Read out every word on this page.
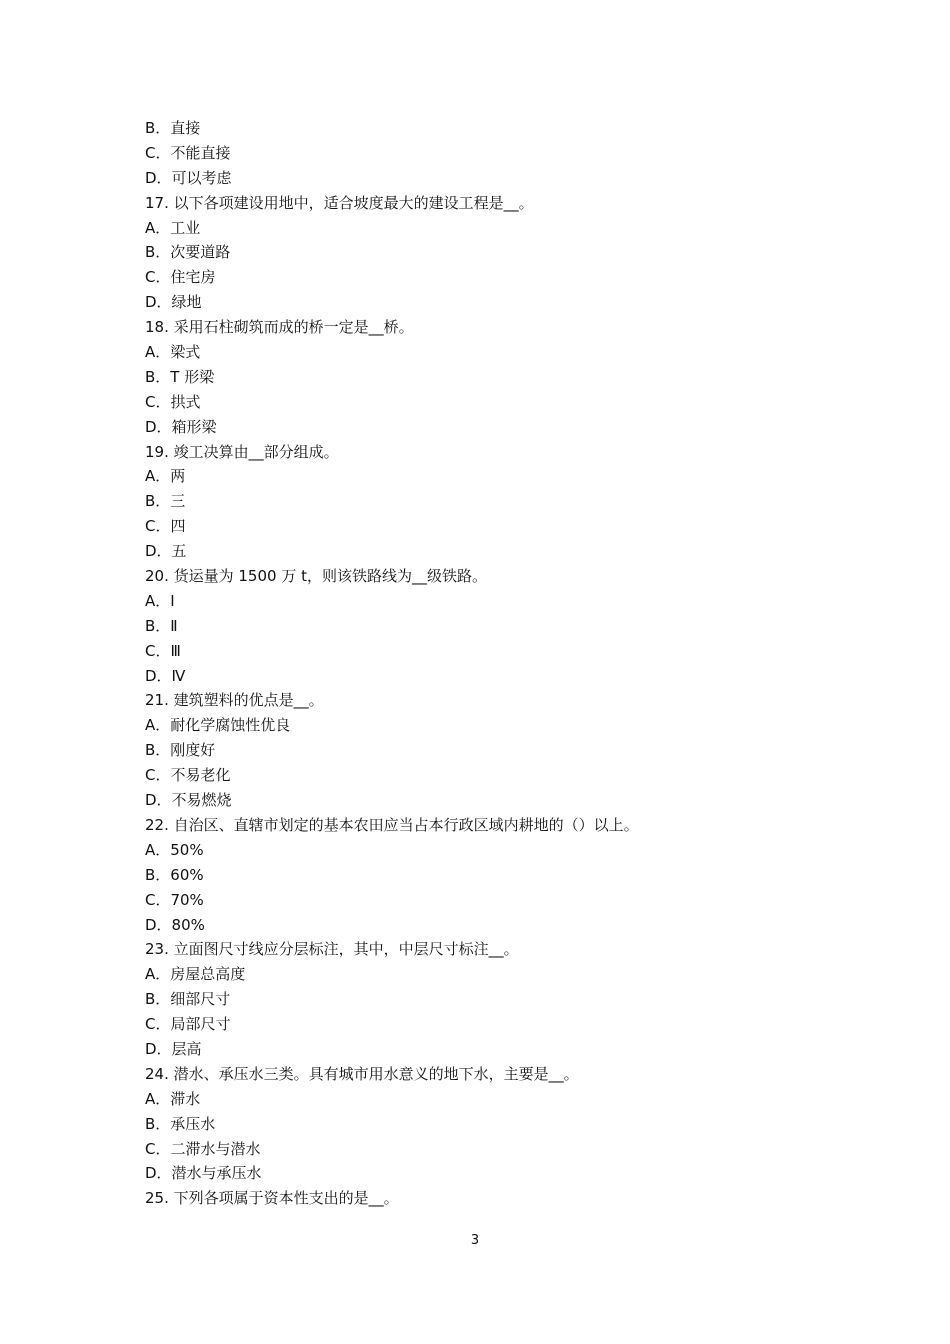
B．直接
C．不能直接
D．可以考虑
17. 以下各项建设用地中，适合坡度最大的建设工程是__。
A．工业
B．次要道路
C．住宅房
D．绿地
18. 采用石柱砌筑而成的桥一定是__桥。
A．梁式
B．T 形梁
C．拱式
D．箱形梁
19. 竣工决算由__部分组成。
A．两
B．三
C．四
D．五
20. 货运量为 1500 万 t，则该铁路线为__级铁路。
A．Ⅰ
B．Ⅱ
C．Ⅲ
D．Ⅳ
21. 建筑塑料的优点是__。
A．耐化学腐蚀性优良
B．刚度好
C．不易老化
D．不易燃烧
22. 自治区、直辖市划定的基本农田应当占本行政区域内耕地的（）以上。
A．50%
B．60%
C．70%
D．80%
23. 立面图尺寸线应分层标注，其中，中层尺寸标注__。
A．房屋总高度
B．细部尺寸
C．局部尺寸
D．层高
24. 潜水、承压水三类。具有城市用水意义的地下水，主要是__。
A．滞水
B．承压水
C．二滞水与潜水
D．潜水与承压水
25. 下列各项属于资本性支出的是__。
3
